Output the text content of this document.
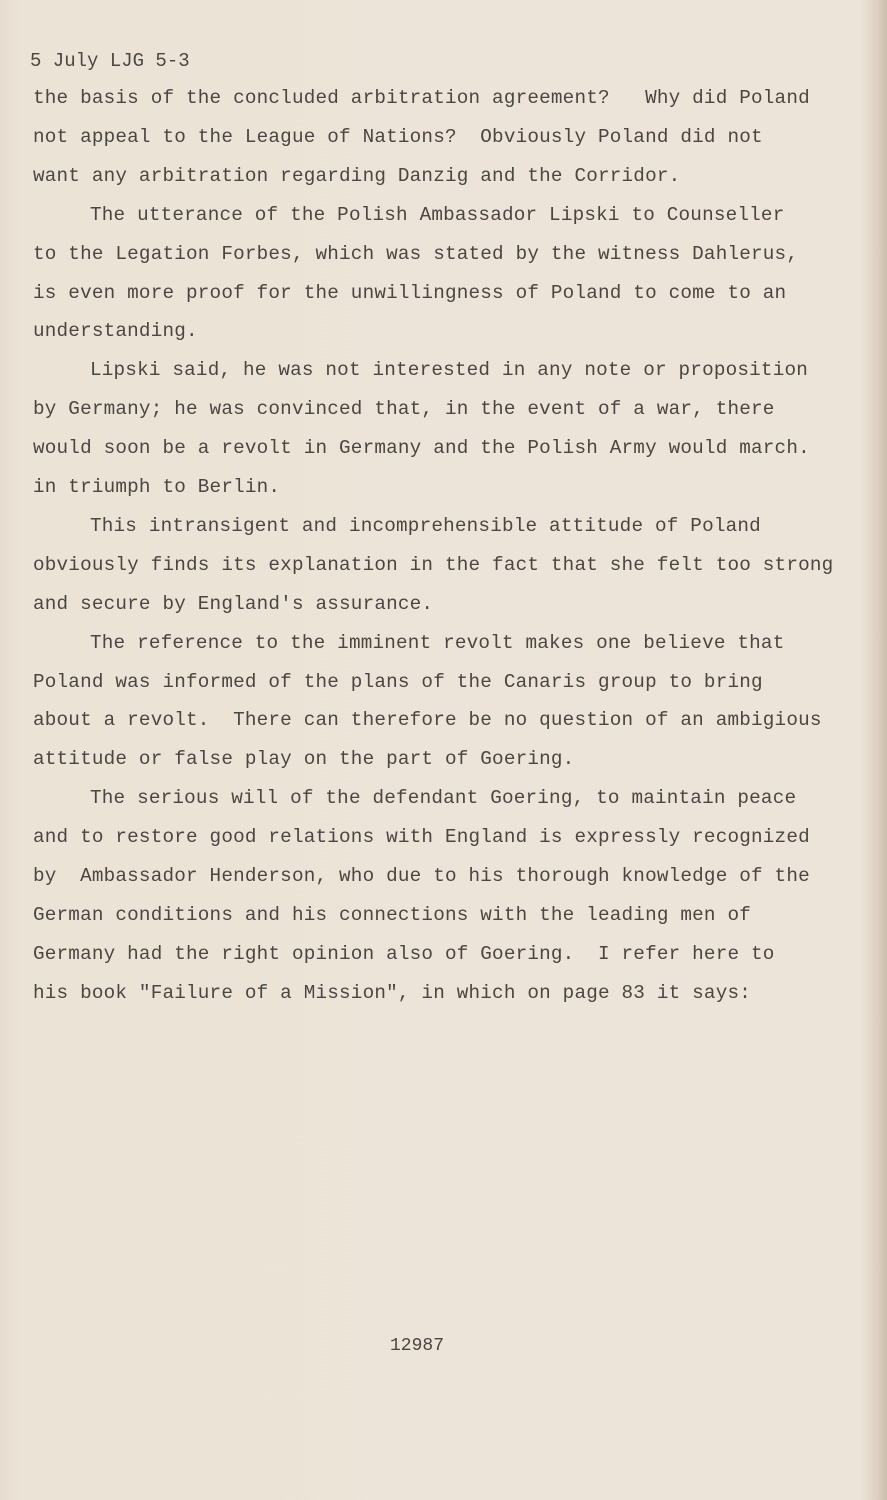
5 July LJG 5-3
the basis of the concluded arbitration agreement?   Why did Poland
not appeal to the League of Nations?  Obviously Poland did not
want any arbitration regarding Danzig and the Corridor.
The utterance of the Polish Ambassador Lipski to Counseller
to the Legation Forbes, which was stated by the witness Dahlerus,
is even more proof for the unwillingness of Poland to come to an
understanding.
Lipski said, he was not interested in any note or proposition
by Germany; he was convinced that, in the event of a war, there
would soon be a revolt in Germany and the Polish Army would march.
in triumph to Berlin.
This intransigent and incomprehensible attitude of Poland
obviously finds its explanation in the fact that she felt too strong
and secure by England's assurance.
The reference to the imminent revolt makes one believe that
Poland was informed of the plans of the Canaris group to bring
about a revolt.  There can therefore be no question of an ambigious
attitude or false play on the part of Goering.
The serious will of the defendant Goering, to maintain peace
and to restore good relations with England is expressly recognized
by  Ambassador Henderson, who due to his thorough knowledge of the
German conditions and his connections with the leading men of
Germany had the right opinion also of Goering.  I refer here to
his book "Failure of a Mission", in which on page 83 it says:
12987
